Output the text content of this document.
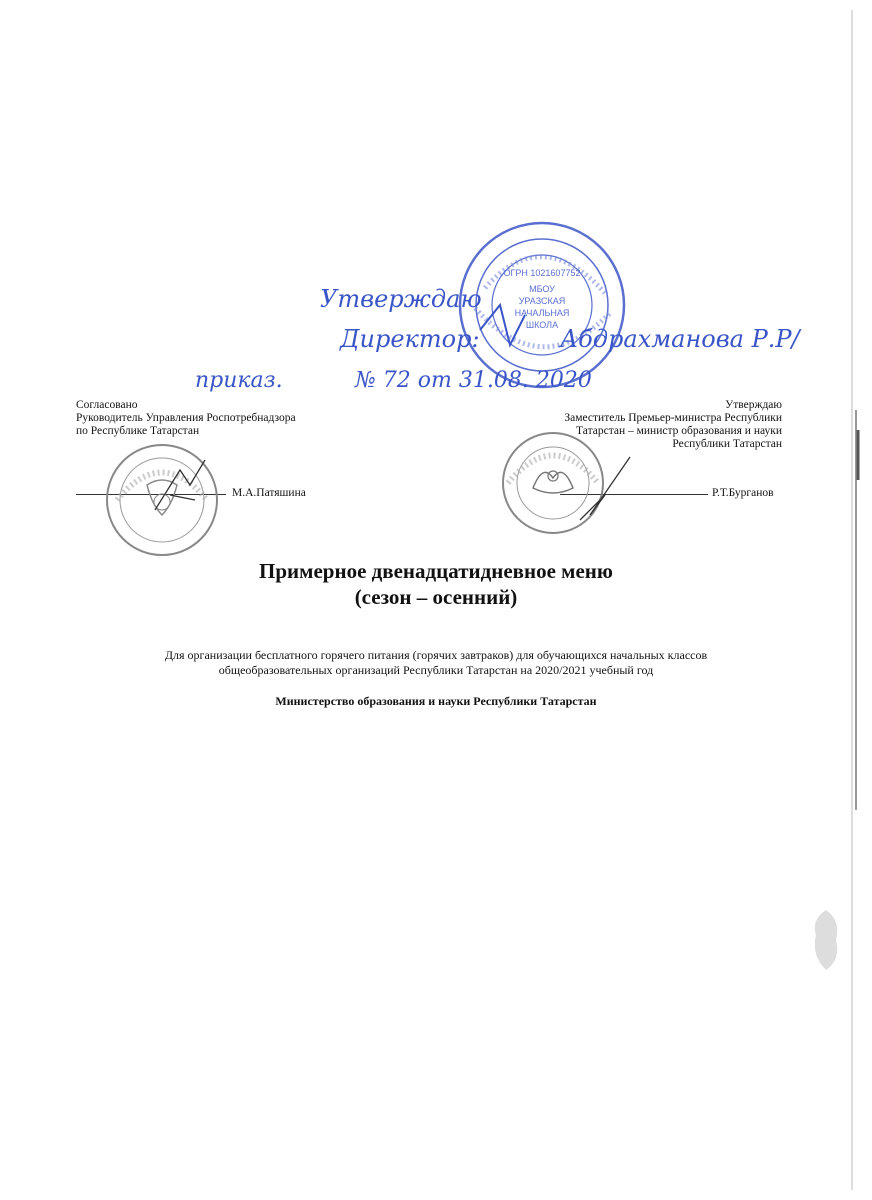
ОГРН 1021607752
МБОУ
УРАЗСКАЯ
НАЧАЛЬНАЯ
ШКОЛА
Утверждаю
Директор:	Абдрахманова Р.Р/
приказ.	№ 72 от 31.08. 2020
Согласовано
Руководитель Управления Роспотребнадзора
по Республике Татарстан
М.А.Патяшина
Утверждаю
Заместитель Премьер-министра Республики
Татарстан – министр образования и науки
Республики Татарстан
Р.Т.Бурганов
Примерное двенадцатидневное меню
(сезон – осенний)
Для организации бесплатного горячего питания (горячих завтраков) для обучающихся начальных классов
общеобразовательных организаций Республики Татарстан на 2020/2021 учебный год
Министерство образования и науки Республики Татарстан
